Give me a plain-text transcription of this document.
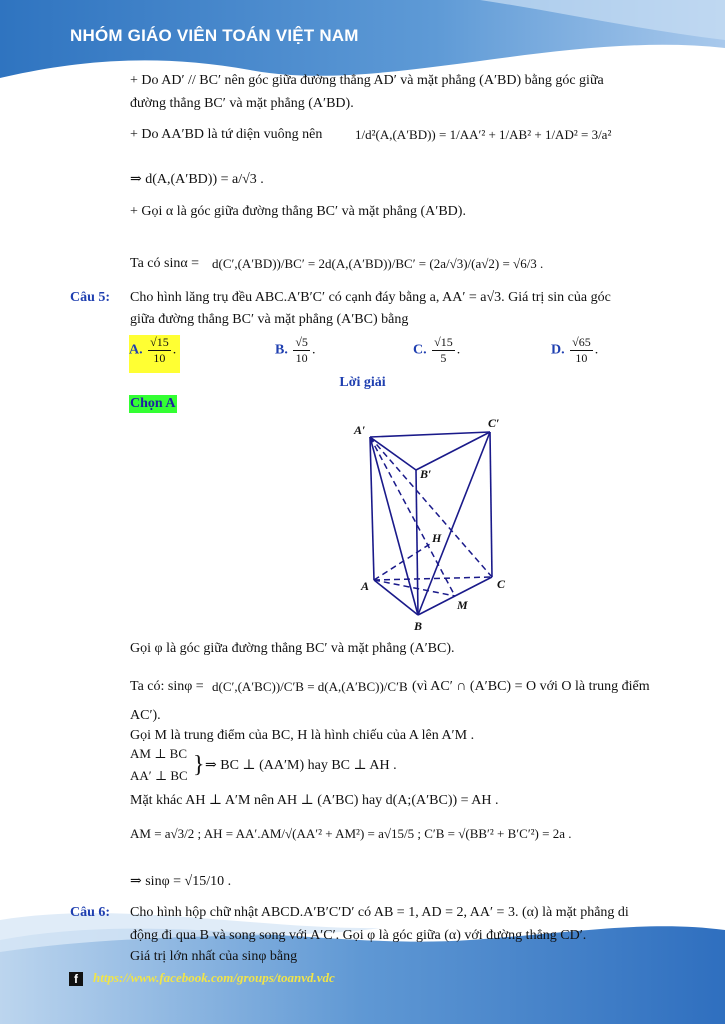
NHÓM GIÁO VIÊN TOÁN VIỆT NAM
+ Do AD′ // BC′ nên góc giữa đường thẳng AD′ và mặt phẳng (A′BD) bằng góc giữa
đường thẳng BC′ và mặt phẳng (A′BD).
+ Do AA′BD là tứ diện vuông nên	1/d²(A,(A′BD)) = 1/AA′² + 1/AB² + 1/AD² = 3/a²
⇒ d(A,(A′BD)) = a/√3 .
+ Gọi α là góc giữa đường thẳng BC′ và mặt phẳng (A′BD).
Ta có sinα = d(C′,(A′BD))/BC′ = 2d(A,(A′BD))/BC′ = (2a/√3)/(a√2) = √6/3 .
Câu 5: Cho hình lăng trụ đều ABC.A′B′C′ có cạnh đáy bằng a, AA′ = a√3. Giá trị sin của góc
giữa đường thẳng BC′ và mặt phẳng (A′BC) bằng
A. $\frac{√15}{10}$ .	B. $\frac{√5}{10}$ .	C. $\frac{√15}{5}$ .	D. $\frac{√65}{10}$ .
Lời giải
Chọn A
A′	C′
B′
H
A	C
M
B
Gọi φ là góc giữa đường thẳng BC′ và mặt phẳng (A′BC).
Ta có: sinφ = d(C′,(A′BC))/C′B = d(A,(A′BC))/C′B (vì AC′ ∩ (A′BC) = O với O là trung điểm
AC′).
Gọi M là trung điểm của BC, H là hình chiếu của A lên A′M .
AM ⊥ BC
AA′ ⊥ BC } ⇒ BC ⊥ (AA′M) hay BC ⊥ AH .
Mặt khác AH ⊥ A′M nên AH ⊥ (A′BC) hay d(A;(A′BC)) = AH .
AM = a√3/2 ; AH = AA′.AM/√(AA′² + AM²) = a√15/5 ; C′B = √(BB′² + B′C′²) = 2a .
⇒ sinφ = √15/10 .
Câu 6: Cho hình hộp chữ nhật ABCD.A′B′C′D′ có AB = 1, AD = 2, AA′ = 3. (α) là mặt phẳng di
động đi qua B và song song với A′C′. Gọi φ là góc giữa (α) với đường thẳng CD′.
Giá trị lớn nhất của sinφ bằng
f	https://www.facebook.com/groups/toanvd.vdc
